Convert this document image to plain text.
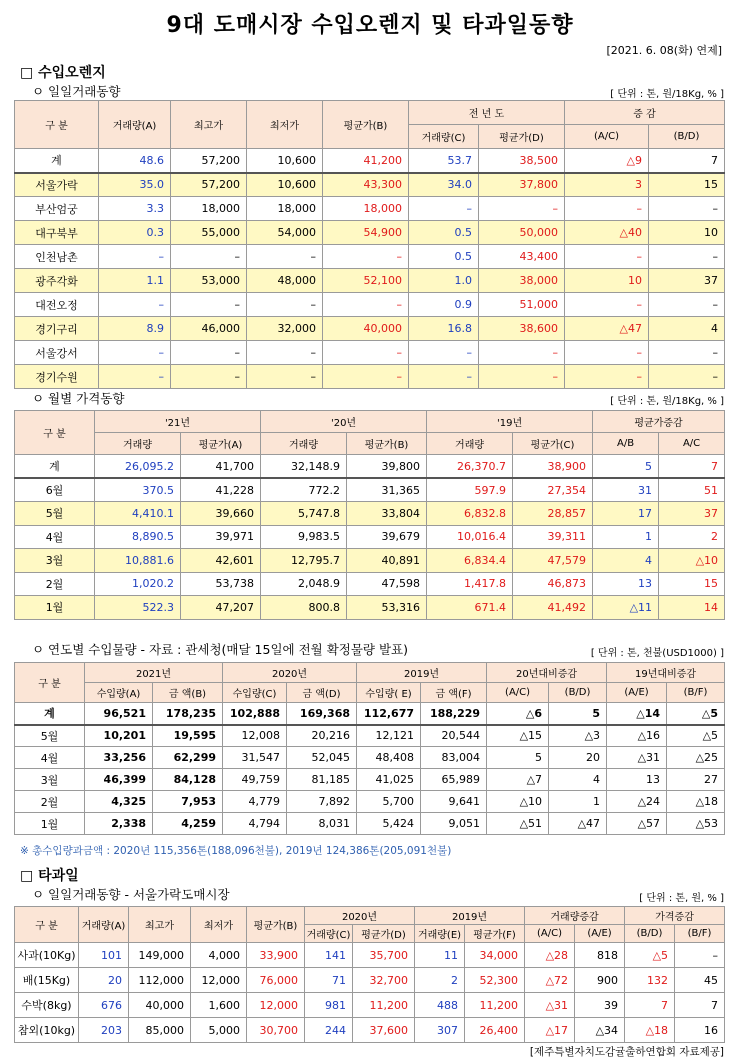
9대 도매시장 수입오렌지 및 타과일동향
[2021. 6. 08(화) 연제]
□ 수입오렌지
ㅇ 일일거래동향	[ 단위 : 톤, 원/18Kg, % ]
구 분	거래량(A)	최고가	최저가	평균가(B)	전 년 도		증 감	
					거래량(C)	평균가(D)	(A/C)	(B/D)
계	48.6	57,200	10,600	41,200	53.7	38,500	△9	7
서울가락	35.0	57,200	10,600	43,300	34.0	37,800	3	15
부산엄궁	3.3	18,000	18,000	18,000	–	–	–	–
대구북부	0.3	55,000	54,000	54,900	0.5	50,000	△40	10
인천남촌	–	–	–	–	0.5	43,400	–	–
광주각화	1.1	53,000	48,000	52,100	1.0	38,000	10	37
대전오정	–	–	–	–	0.9	51,000	–	–
경기구리	8.9	46,000	32,000	40,000	16.8	38,600	△47	4
서울강서	–	–	–	–	–	–	–	–
경기수원	–	–	–	–	–	–	–	–
ㅇ 월별 가격동향	[ 단위 : 톤, 원/18Kg, % ]
구 분	'21년		'20년		'19년		평균가증감	
	거래량	평균가(A)	거래량	평균가(B)	거래량	평균가(C)	A/B	A/C
계	26,095.2	41,700	32,148.9	39,800	26,370.7	38,900	5	7
6월	370.5	41,228	772.2	31,365	597.9	27,354	31	51
5월	4,410.1	39,660	5,747.8	33,804	6,832.8	28,857	17	37
4월	8,890.5	39,971	9,983.5	39,679	10,016.4	39,311	1	2
3월	10,881.6	42,601	12,795.7	40,891	6,834.4	47,579	4	△10
2월	1,020.2	53,738	2,048.9	47,598	1,417.8	46,873	13	15
1월	522.3	47,207	800.8	53,316	671.4	41,492	△11	14
ㅇ 연도별 수입물량 - 자료 : 관세청(매달 15일에 전월 확정물량 발표)	[ 단위 : 톤, 천불(USD1000) ]
구 분	2021년		2020년		2019년		20년대비증감		19년대비증감	
	수입량(A)	금 액(B)	수입량(C)	금 액(D)	수입량( E)	금 액(F)	(A/C)	(B/D)	(A/E)	(B/F)
계	96,521	178,235	102,888	169,368	112,677	188,229	△6	5	△14	△5
5월	10,201	19,595	12,008	20,216	12,121	20,544	△15	△3	△16	△5
4월	33,256	62,299	31,547	52,045	48,408	83,004	5	20	△31	△25
3월	46,399	84,128	49,759	81,185	41,025	65,989	△7	4	13	27
2월	4,325	7,953	4,779	7,892	5,700	9,641	△10	1	△24	△18
1월	2,338	4,259	4,794	8,031	5,424	9,051	△51	△47	△57	△53
※ 총수입량과금액 : 2020년 115,356톤(188,096천불), 2019년 124,386톤(205,091천불)
□ 타과일
ㅇ 일일거래동향 - 서울가락도매시장	[ 단위 : 톤, 원, % ]
구 분	거래량(A)	최고가	최저가	평균가(B)	2020년		2019년		거래량증감		가격증감	
					거래량(C)	평균가(D)	거래량(E)	평균가(F)	(A/C)	(A/E)	(B/D)	(B/F)
사과(10Kg)	101	149,000	4,000	33,900	141	35,700	11	34,000	△28	818	△5	–
배(15Kg)	20	112,000	12,000	76,000	71	32,700	2	52,300	△72	900	132	45
수박(8kg)	676	40,000	1,600	12,000	981	11,200	488	11,200	△31	39	7	7
참외(10kg)	203	85,000	5,000	30,700	244	37,600	307	26,400	△17	△34	△18	16
[제주특별자치도감귤출하연합회 자료제공]
